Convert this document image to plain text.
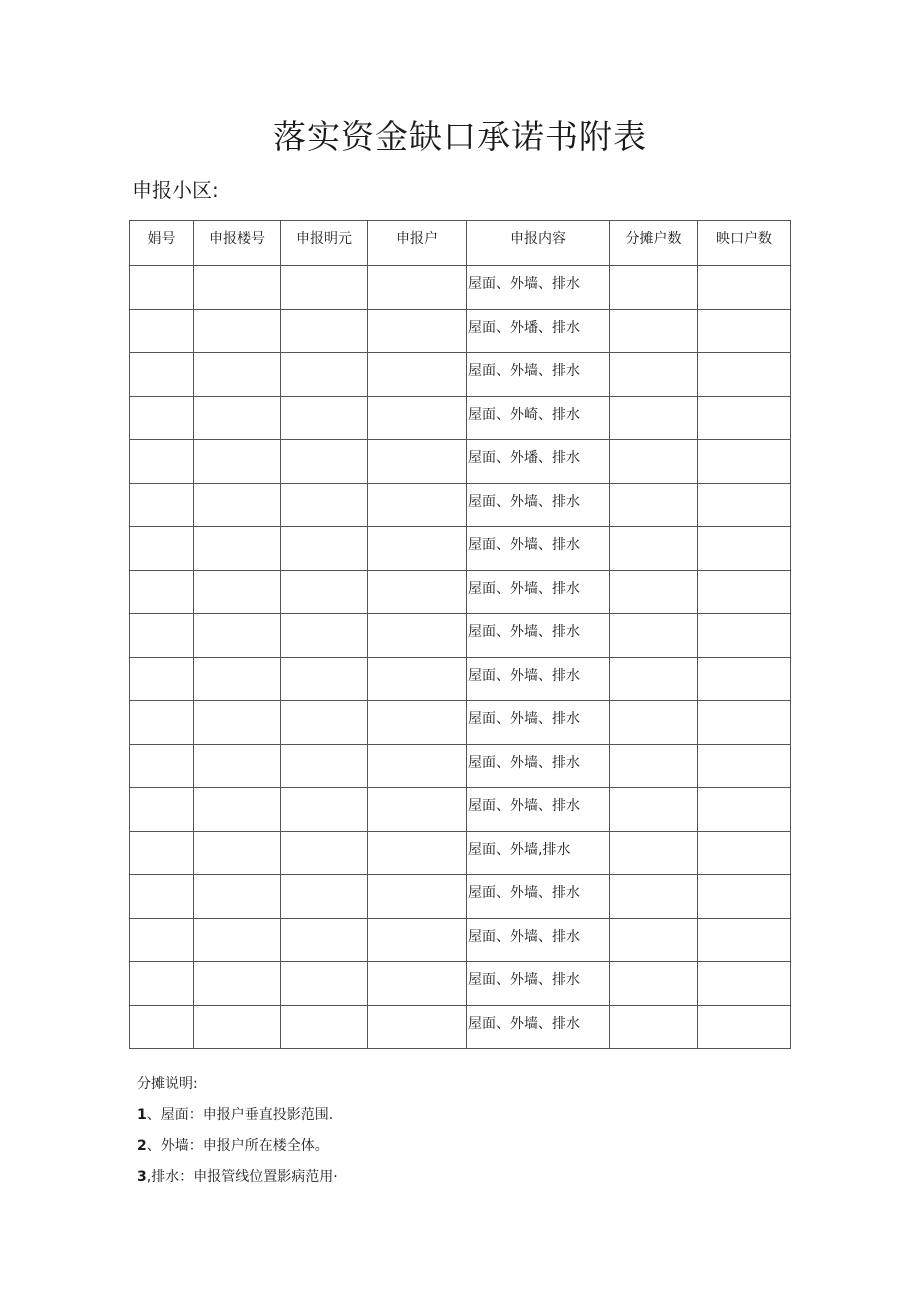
落实资金缺口承诺书附表
申报小区:
娟号	申报楼号	申报明元	申报户	申报内容	分摊户数	映口户数
				屋面、外墙、排水		
				屋面、外墦、排水		
				屋面、外墙、排水		
				屋面、外崎、排水		
				屋面、外墦、排水		
				屋面、外墙、排水		
				屋面、外墙、排水		
				屋面、外墙、排水		
				屋面、外墙、排水		
				屋面、外墙、排水		
				屋面、外墙、排水		
				屋面、外墙、排水		
				屋面、外墙、排水		
				屋面、外墙,排水		
				屋面、外墙、排水		
				屋面、外墙、排水		
				屋面、外墙、排水		
				屋面、外墙、排水		
分摊说明:
1、屋面：申报户垂直投影范围.
2、外墙：申报户所在楼全体。
3,排水：申报管线位置影病范用·
